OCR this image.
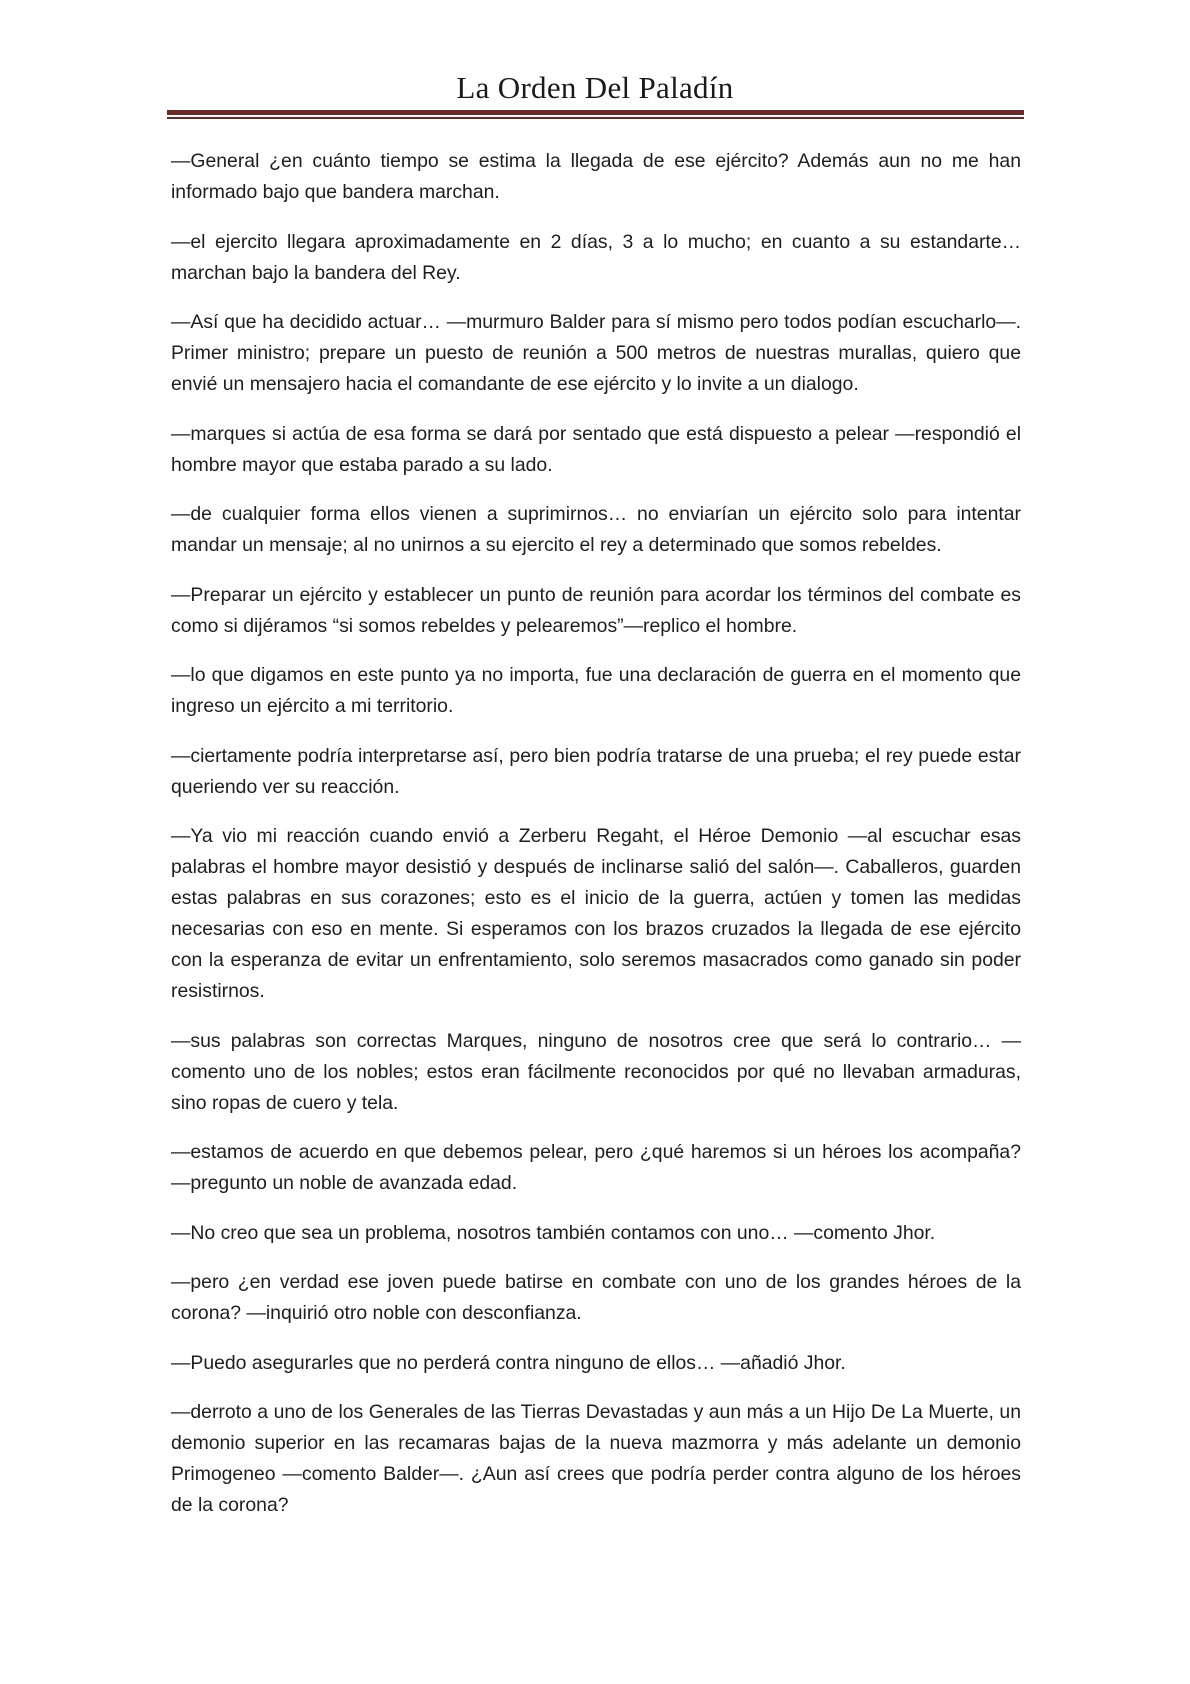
La Orden Del Paladín

—General ¿en cuánto tiempo se estima la llegada de ese ejército? Además aun no me han informado bajo que bandera marchan.

—el ejercito llegara aproximadamente en 2 días, 3 a lo mucho; en cuanto a su estandarte… marchan bajo la bandera del Rey.

—Así que ha decidido actuar… —murmuro Balder para sí mismo pero todos podían escucharlo—. Primer ministro; prepare un puesto de reunión a 500 metros de nuestras murallas, quiero que envié un mensajero hacia el comandante de ese ejército y lo invite a un dialogo.

—marques si actúa de esa forma se dará por sentado que está dispuesto a pelear —respondió el hombre mayor que estaba parado a su lado.

—de cualquier forma ellos vienen a suprimirnos… no enviarían un ejército solo para intentar mandar un mensaje; al no unirnos a su ejercito el rey a determinado que somos rebeldes.

—Preparar un ejército y establecer un punto de reunión para acordar los términos del combate es como si dijéramos “si somos rebeldes y pelearemos”—replico el hombre.

—lo que digamos en este punto ya no importa, fue una declaración de guerra en el momento que ingreso un ejército a mi territorio.

—ciertamente podría interpretarse así, pero bien podría tratarse de una prueba; el rey puede estar queriendo ver su reacción.

—Ya vio mi reacción cuando envió a Zerberu Regaht, el Héroe Demonio —al escuchar esas palabras el hombre mayor desistió y después de inclinarse salió del salón—. Caballeros, guarden estas palabras en sus corazones; esto es el inicio de la guerra, actúen y tomen las medidas necesarias con eso en mente. Si esperamos con los brazos cruzados la llegada de ese ejército con la esperanza de evitar un enfrentamiento, solo seremos masacrados como ganado sin poder resistirnos.

—sus palabras son correctas Marques, ninguno de nosotros cree que será lo contrario… —comento uno de los nobles; estos eran fácilmente reconocidos por qué no llevaban armaduras, sino ropas de cuero y tela.

—estamos de acuerdo en que debemos pelear, pero ¿qué haremos si un héroes los acompaña? —pregunto un noble de avanzada edad.

—No creo que sea un problema, nosotros también contamos con uno… —comento Jhor.

—pero ¿en verdad ese joven puede batirse en combate con uno de los grandes héroes de la corona? —inquirió otro noble con desconfianza.

—Puedo asegurarles que no perderá contra ninguno de ellos… —añadió Jhor.

—derroto a uno de los Generales de las Tierras Devastadas y aun más a un Hijo De La Muerte, un demonio superior en las recamaras bajas de la nueva mazmorra y más adelante un demonio Primogeneo —comento Balder—. ¿Aun así crees que podría perder contra alguno de los héroes de la corona?
